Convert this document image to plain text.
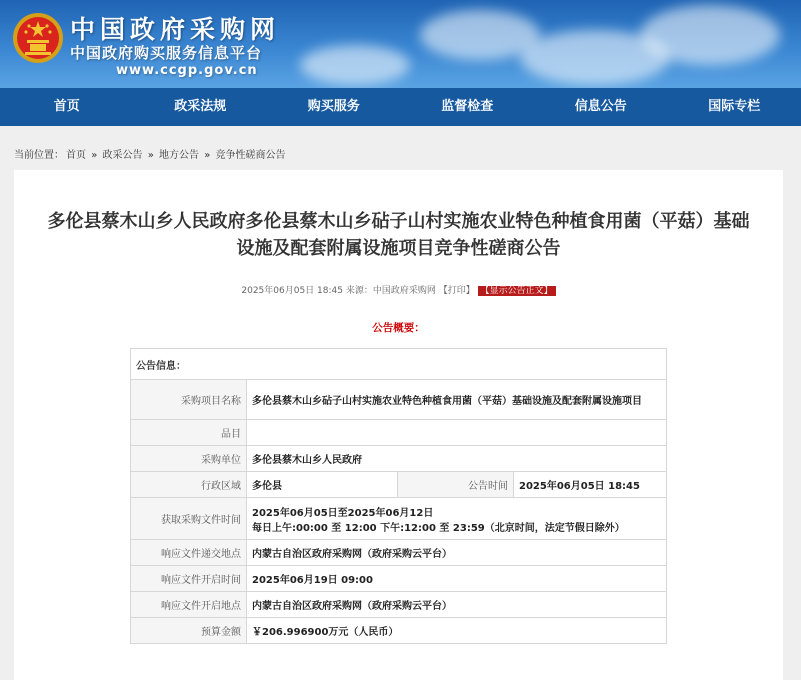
中国政府采购网
中国政府购买服务信息平台
www.ccgp.gov.cn
首页	政采法规	购买服务	监督检查	信息公告	国际专栏
当前位置： 首页 » 政采公告 » 地方公告 » 竞争性磋商公告
多伦县蔡木山乡人民政府多伦县蔡木山乡砧子山村实施农业特色种植食用菌（平菇）基础设施及配套附属设施项目竞争性磋商公告
2025年06月05日 18:45 来源：中国政府采购网 【打印】 【显示公告正文】
公告概要：
公告信息：			
采购项目名称	多伦县蔡木山乡砧子山村实施农业特色种植食用菌（平菇）基础设施及配套附属设施项目		
品目			
采购单位	多伦县蔡木山乡人民政府		
行政区域	多伦县	公告时间	2025年06月05日 18:45
获取采购文件时间	2025年06月05日至2025年06月12日
每日上午:00:00 至 12:00 下午:12:00 至 23:59（北京时间，法定节假日除外）		

响应文件递交地点	内蒙古自治区政府采购网（政府采购云平台）		
响应文件开启时间	2025年06月19日 09:00		
响应文件开启地点	内蒙古自治区政府采购网（政府采购云平台）		
预算金额	￥206.996900万元（人民币）		
